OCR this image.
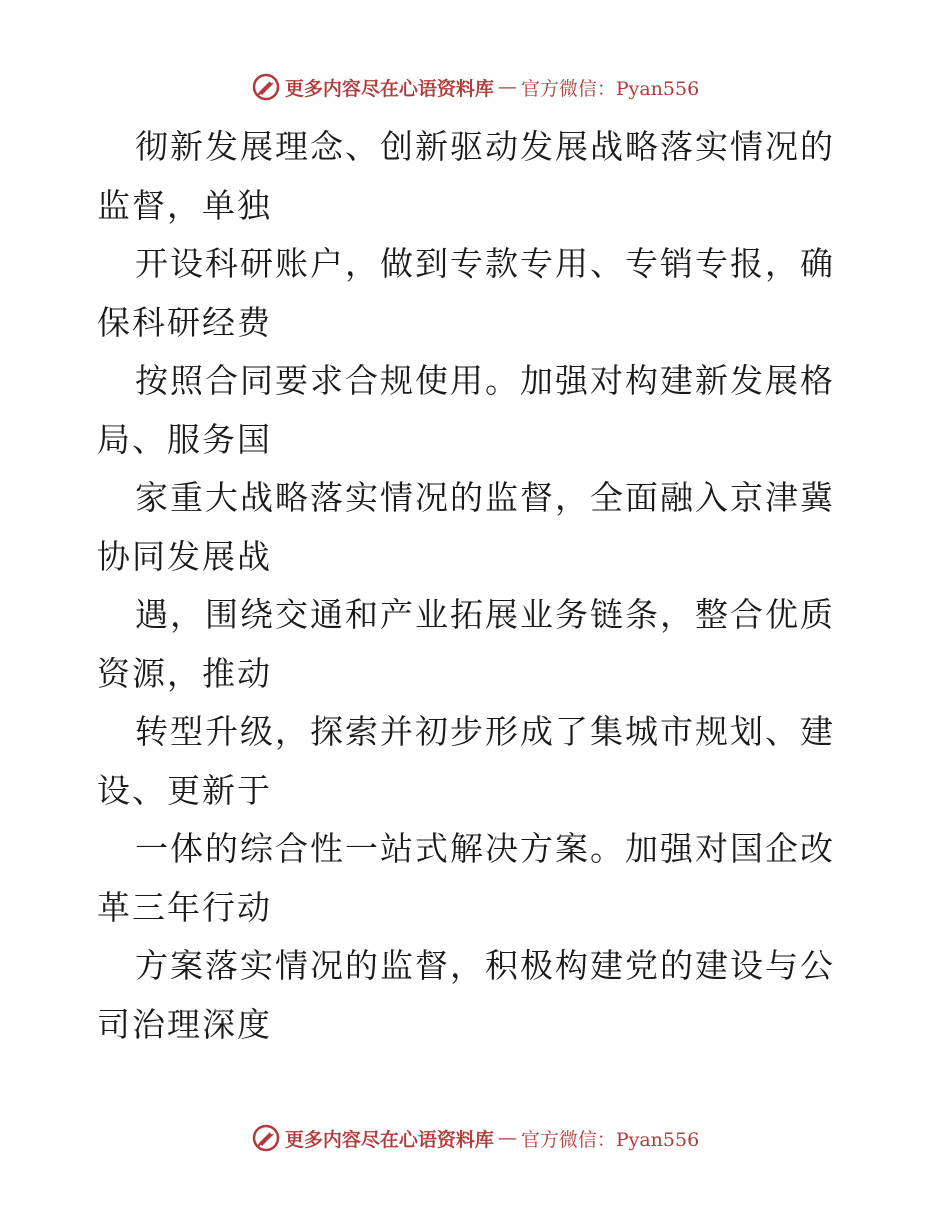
更多内容尽在心语资料库 — 官方微信：Pyan556

彻新发展理念、创新驱动发展战略落实情况的监督，单独

开设科研账户，做到专款专用、专销专报，确保科研经费

按照合同要求合规使用。加强对构建新发展格局、服务国

家重大战略落实情况的监督，全面融入京津冀协同发展战

遇，围绕交通和产业拓展业务链条，整合优质资源，推动

转型升级，探索并初步形成了集城市规划、建设、更新于

一体的综合性一站式解决方案。加强对国企改革三年行动

方案落实情况的监督，积极构建党的建设与公司治理深度

更多内容尽在心语资料库 — 官方微信：Pyan556
